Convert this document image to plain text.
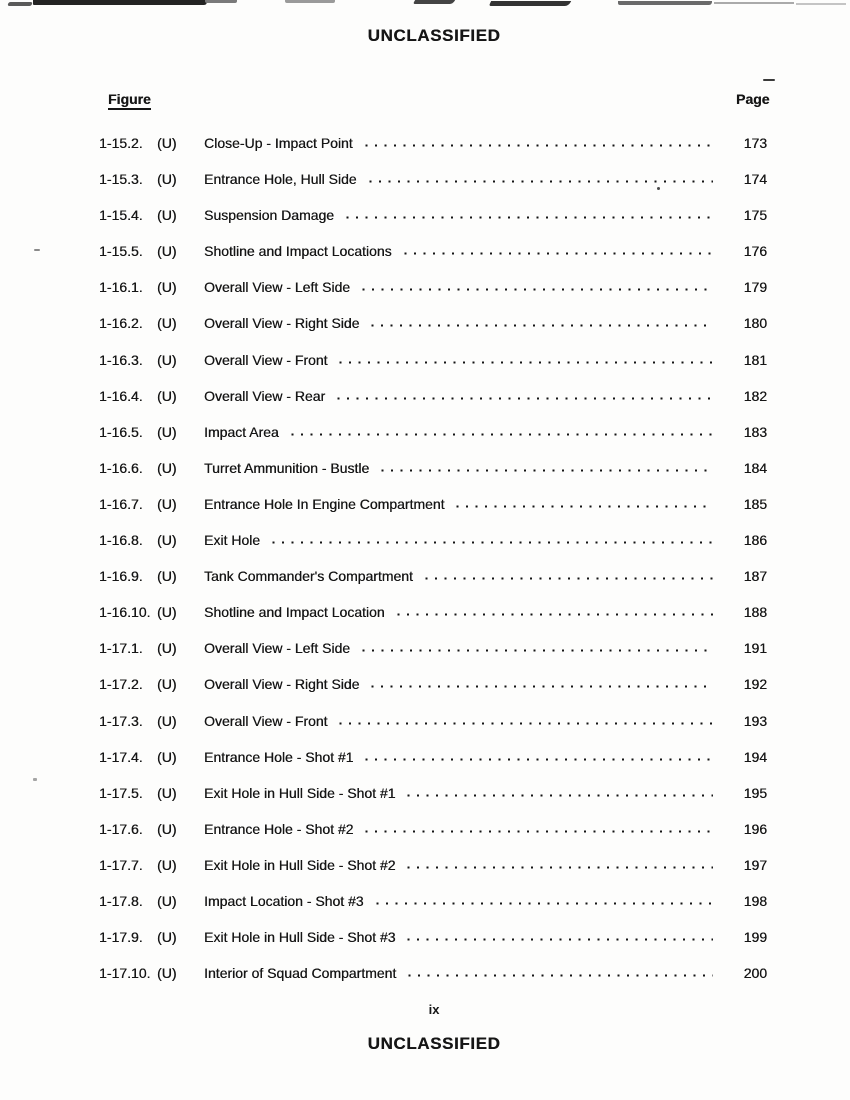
UNCLASSIFIED
Figure	Page
1-15.2.	(U)	Close-Up - Impact Point	173
1-15.3.	(U)	Entrance Hole, Hull Side	174
1-15.4.	(U)	Suspension Damage	175
1-15.5.	(U)	Shotline and Impact Locations	176
1-16.1.	(U)	Overall View - Left Side	179
1-16.2.	(U)	Overall View - Right Side	180
1-16.3.	(U)	Overall View - Front	181
1-16.4.	(U)	Overall View - Rear	182
1-16.5.	(U)	Impact Area	183
1-16.6.	(U)	Turret Ammunition - Bustle	184
1-16.7.	(U)	Entrance Hole In Engine Compartment	185
1-16.8.	(U)	Exit Hole	186
1-16.9.	(U)	Tank Commander's Compartment	187
1-16.10. (U)	Shotline and Impact Location	188
1-17.1.	(U)	Overall View - Left Side	191
1-17.2.	(U)	Overall View - Right Side	192
1-17.3.	(U)	Overall View - Front	193
1-17.4.	(U)	Entrance Hole - Shot #1	194
1-17.5.	(U)	Exit Hole in Hull Side - Shot #1	195
1-17.6.	(U)	Entrance Hole - Shot #2	196
1-17.7.	(U)	Exit Hole in Hull Side - Shot #2	197
1-17.8.	(U)	Impact Location - Shot #3	198
1-17.9.	(U)	Exit Hole in Hull Side - Shot #3	199
1-17.10. (U)	Interior of Squad Compartment	200
ix
UNCLASSIFIED
